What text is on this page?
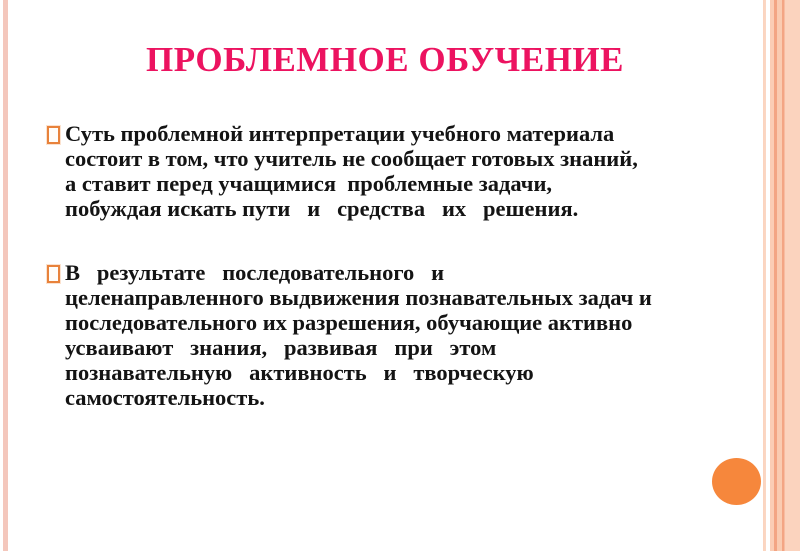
ПРОБЛЕМНОЕ ОБУЧЕНИЕ
Суть проблемной интерпретации учебного материала
состоит в том, что учитель не сообщает готовых знаний,
а ставит перед учащимися  проблемные задачи,
побуждая искать пути   и   средства   их   решения.
В   результате   последовательного   и
целенаправленного выдвижения познавательных задач и
последовательного их разрешения, обучающие активно
усваивают   знания,   развивая   при   этом
познавательную   активность   и   творческую
самостоятельность.
